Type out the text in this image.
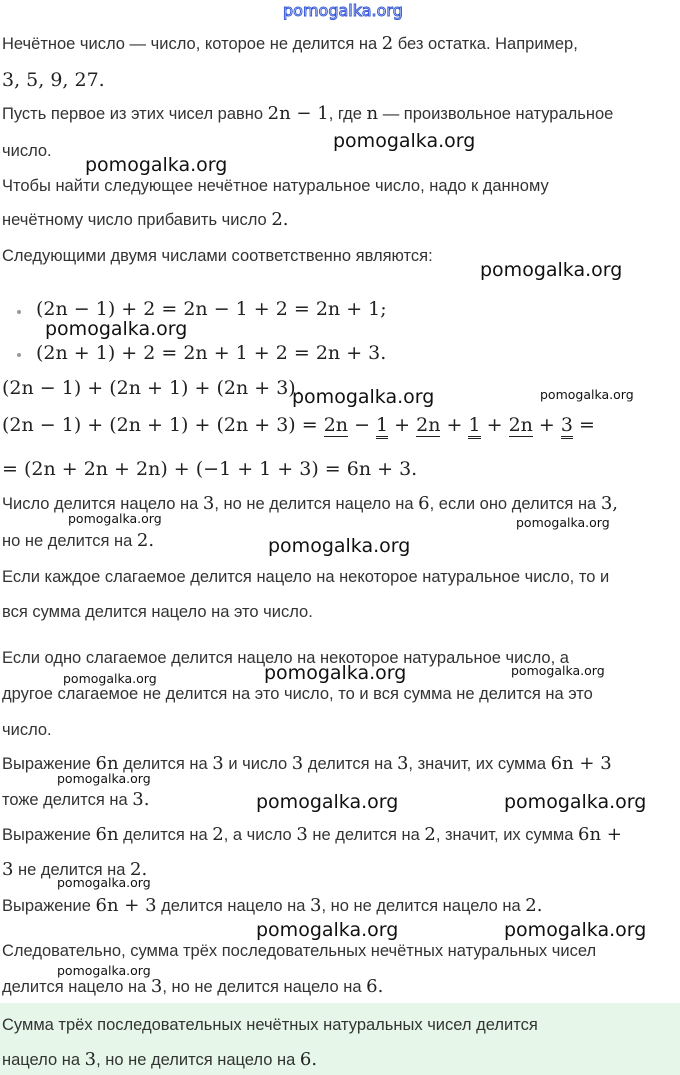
pomogalka.org
Нечётное число — число, которое не делится на 2 без остатка. Например,
3, 5, 9, 27.
Пусть первое из этих чисел равно 2n − 1, где n — произвольное натуральное
число.
Чтобы найти следующее нечётное натуральное число, надо к данному
нечётному число прибавить число 2.
Следующими двумя числами соответственно являются:
(2n − 1) + 2 = 2n − 1 + 2 = 2n + 1;
(2n + 1) + 2 = 2n + 1 + 2 = 2n + 3.
(2n − 1) + (2n + 1) + (2n + 3).
(2n − 1) + (2n + 1) + (2n + 3) = 2n − 1 + 2n + 1 + 2n + 3 =
= (2n + 2n + 2n) + (−1 + 1 + 3) = 6n + 3.
Число делится нацело на 3, но не делится нацело на 6, если оно делится на 3,
но не делится на 2.
Если каждое слагаемое делится нацело на некоторое натуральное число, то и
вся сумма делится нацело на это число.
Если одно слагаемое делится нацело на некоторое натуральное число, а
другое слагаемое не делится на это число, то и вся сумма не делится на это
число.
Выражение 6n делится на 3 и число 3 делится на 3, значит, их сумма 6n + 3
тоже делится на 3.
Выражение 6n делится на 2, а число 3 не делится на 2, значит, их сумма 6n +
3 не делится на 2.
Выражение 6n + 3 делится нацело на 3, но не делится нацело на 2.
Следовательно, сумма трёх последовательных нечётных натуральных чисел
делится нацело на 3, но не делится нацело на 6.
Сумма трёх последовательных нечётных натуральных чисел делится
нацело на 3, но не делится нацело на 6.
pomogalka.org
pomogalka.org
pomogalka.org
pomogalka.org
pomogalka.org	pomogalka.org
pomogalka.org	pomogalka.org
pomogalka.org
pomogalka.org
pomogalka.org
pomogalka.org
pomogalka.org
pomogalka.org	pomogalka.org
pomogalka.org
pomogalka.org	pomogalka.org
pomogalka.org
